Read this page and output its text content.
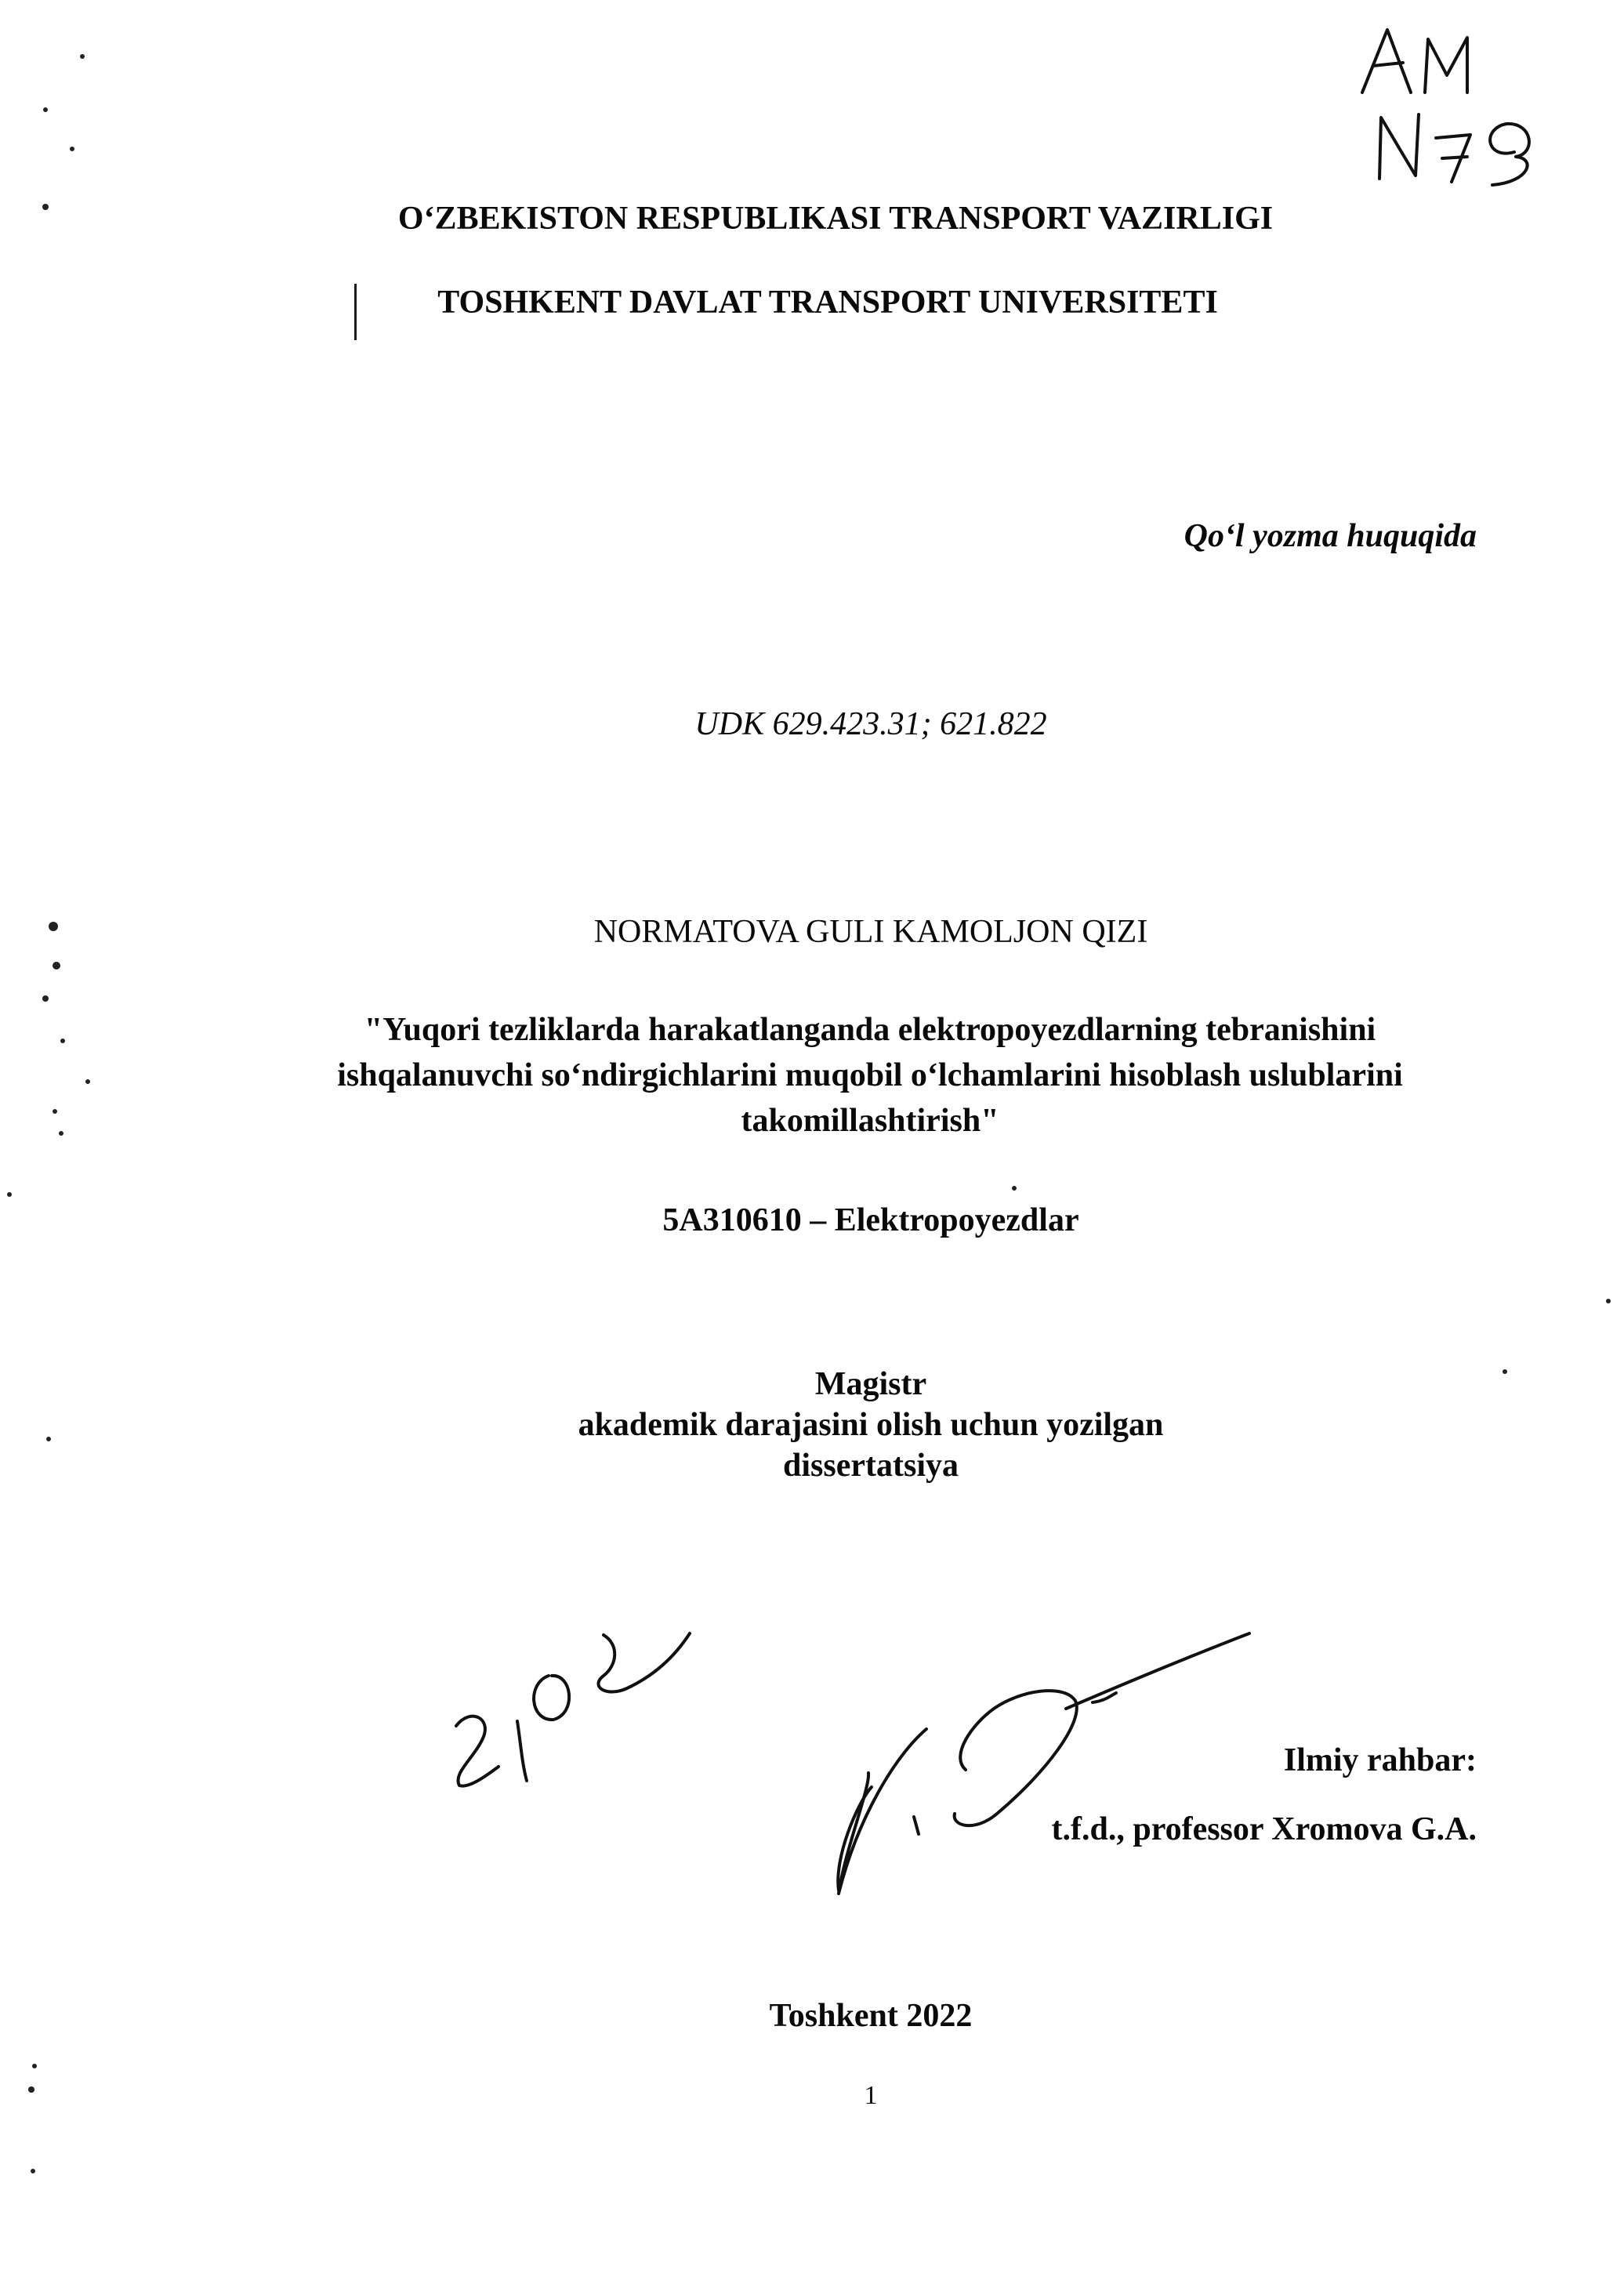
O‘ZBEKISTON RESPUBLIKASI TRANSPORT VAZIRLIGI
TOSHKENT DAVLAT TRANSPORT UNIVERSITETI
Qo‘l yozma huquqida
UDK 629.423.31; 621.822
NORMATOVA GULI KAMOLJON QIZI
"Yuqori tezliklarda harakatlanganda elektropoyezdlarning tebranishini
ishqalanuvchi so‘ndirgichlarini muqobil o‘lchamlarini hisoblash uslublarini
takomillashtirish"
5A310610 – Elektropoyezdlar
Magistr
akademik darajasini olish uchun yozilgan
dissertatsiya
Ilmiy rahbar:
t.f.d., professor Xromova G.A.
Toshkent 2022
1
